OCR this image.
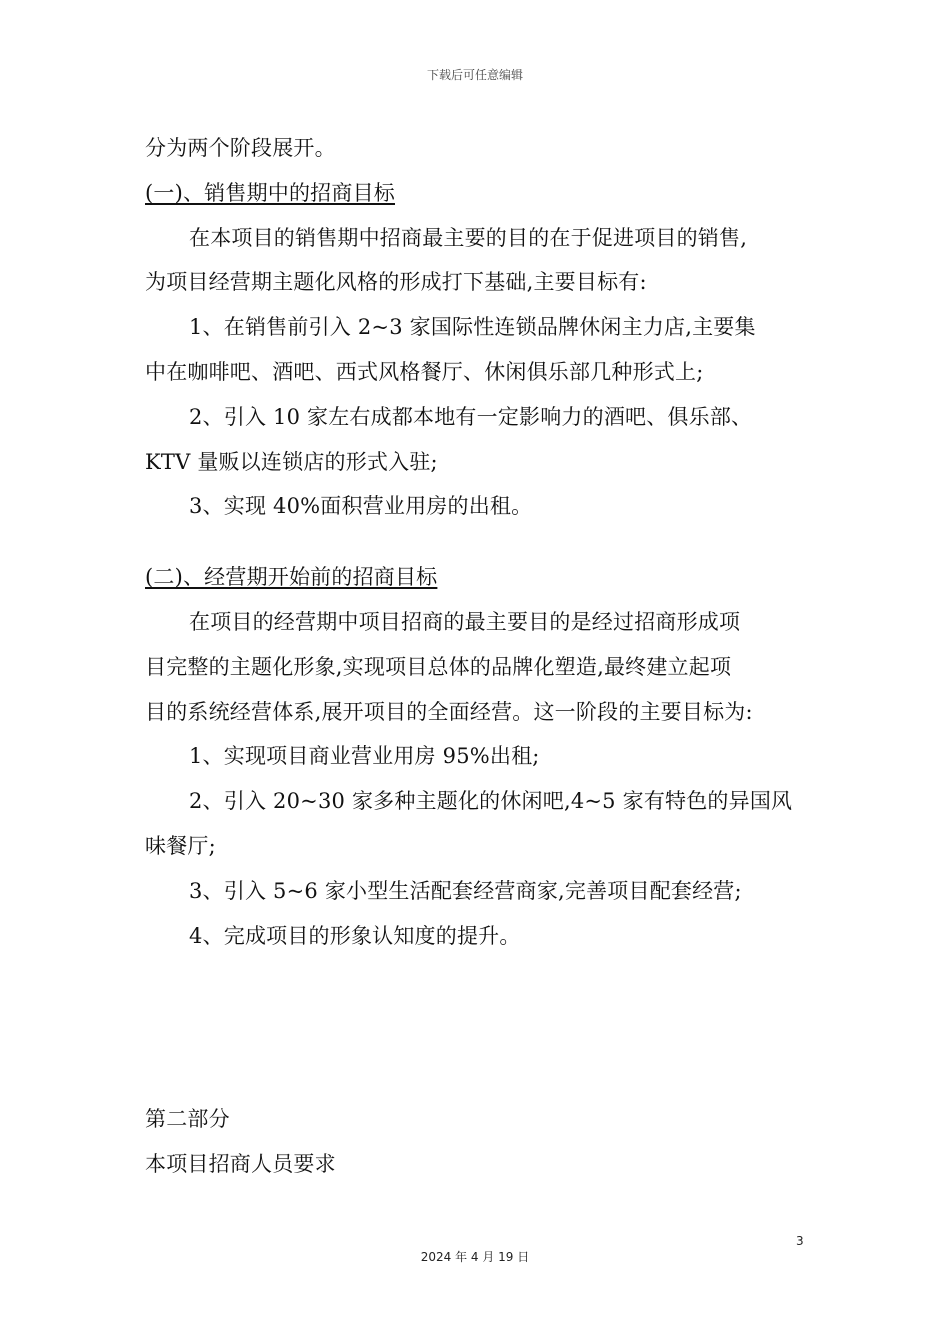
下载后可任意编辑
分为两个阶段展开。
(一)、销售期中的招商目标
在本项目的销售期中招商最主要的目的在于促进项目的销售,
为项目经营期主题化风格的形成打下基础,主要目标有:
1、在销售前引入 2~3 家国际性连锁品牌休闲主力店,主要集
中在咖啡吧、酒吧、西式风格餐厅、休闲俱乐部几种形式上;
2、引入 10 家左右成都本地有一定影响力的酒吧、俱乐部、
KTV 量贩以连锁店的形式入驻;
3、实现 40%面积营业用房的出租。
(二)、经营期开始前的招商目标
在项目的经营期中项目招商的最主要目的是经过招商形成项
目完整的主题化形象,实现项目总体的品牌化塑造,最终建立起项
目的系统经营体系,展开项目的全面经营。这一阶段的主要目标为:
1、实现项目商业营业用房 95%出租;
2、引入 20~30 家多种主题化的休闲吧,4~5 家有特色的异国风
味餐厅;
3、引入 5~6 家小型生活配套经营商家,完善项目配套经营;
4、完成项目的形象认知度的提升。
第二部分
本项目招商人员要求
3
2024 年 4 月 19 日
